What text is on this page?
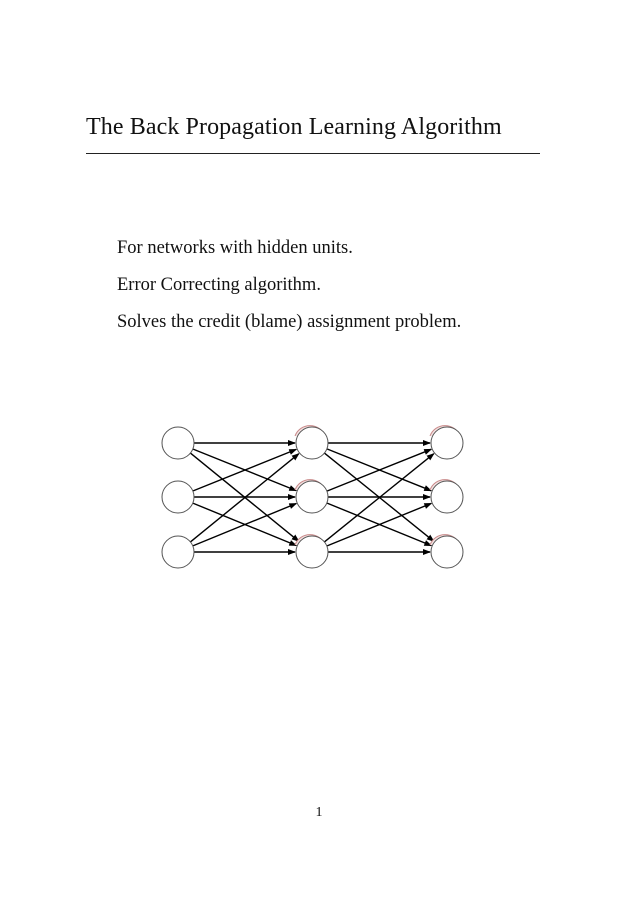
The Back Propagation Learning Algorithm
For networks with hidden units.
Error Correcting algorithm.
Solves the credit (blame) assignment problem.
1
